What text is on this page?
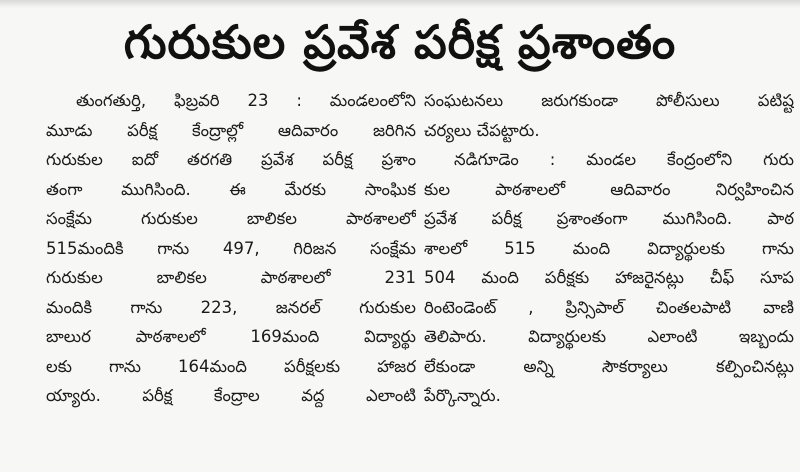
గురుకుల ప్రవేశ పరీక్ష ప్రశాంతం
తుంగతుర్తి, ఫిబ్రవరి 23 : మండలంలోని
మూడు పరీక్ష కేంద్రాల్లో ఆదివారం జరిగిన
గురుకుల ఐదో తరగతి ప్రవేశ పరీక్ష ప్రశాం
తంగా ముగిసింది. ఈ మేరకు సాంఘిక
సంక్షేమ గురుకుల బాలికల పాఠశాలలో
515మందికి గాను 497, గిరిజన సంక్షేమ
గురుకుల బాలికల పాఠశాలలో 231
మందికి గాను 223, జనరల్ గురుకుల
బాలుర పాఠశాలలో 169మంది విద్యార్థు
లకు గాను 164మంది పరీక్షలకు హాజర
య్యారు. పరీక్ష కేంద్రాల వద్ద ఎలాంటి
సంఘటనలు జరుగకుండా పోలీసులు పటిష్ట
చర్యలు చేపట్టారు.
నడిగూడెం : మండల కేంద్రంలోని గురు
కుల పాఠశాలలో ఆదివారం నిర్వహించిన
ప్రవేశ పరీక్ష ప్రశాంతంగా ముగిసింది. పాఠ
శాలలో 515 మంది విద్యార్థులకు గాను
504 మంది పరీక్షకు హాజరైనట్లు చీఫ్ సూప
రింటెండెంట్ , ప్రిన్సిపాల్ చింతలపాటి వాణి
తెలిపారు. విద్యార్థులకు ఎలాంటి ఇబ్బందు
లేకుండా అన్ని సౌకర్యాలు కల్పించినట్లు
పేర్కొన్నారు.
